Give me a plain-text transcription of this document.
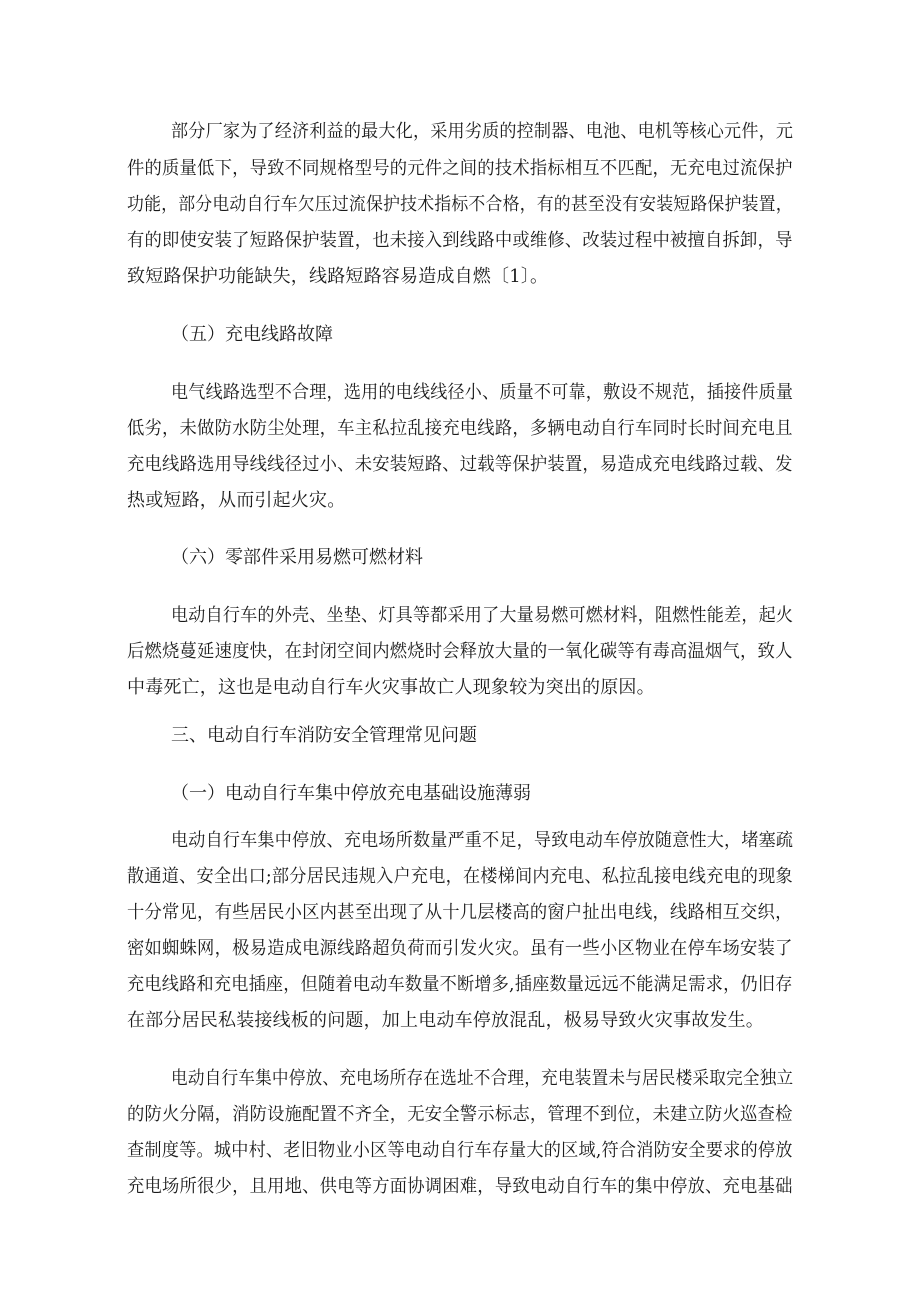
部分厂家为了经济利益的最大化，采用劣质的控制器、电池、电机等核心元件，元

件的质量低下，导致不同规格型号的元件之间的技术指标相互不匹配，无充电过流保护

功能，部分电动自行车欠压过流保护技术指标不合格，有的甚至没有安装短路保护装置，

有的即使安装了短路保护装置，也未接入到线路中或维修、改装过程中被擅自拆卸，导

致短路保护功能缺失，线路短路容易造成自燃〔1〕。

（五）充电线路故障

电气线路选型不合理，选用的电线线径小、质量不可靠，敷设不规范，插接件质量

低劣，未做防水防尘处理，车主私拉乱接充电线路，多辆电动自行车同时长时间充电且

充电线路选用导线线径过小、未安装短路、过载等保护装置，易造成充电线路过载、发

热或短路，从而引起火灾。

（六）零部件采用易燃可燃材料

电动自行车的外壳、坐垫、灯具等都采用了大量易燃可燃材料，阻燃性能差，起火

后燃烧蔓延速度快，在封闭空间内燃烧时会释放大量的一氧化碳等有毒高温烟气，致人

中毒死亡，这也是电动自行车火灾事故亡人现象较为突出的原因。

三、电动自行车消防安全管理常见问题

（一）电动自行车集中停放充电基础设施薄弱

电动自行车集中停放、充电场所数量严重不足，导致电动车停放随意性大，堵塞疏

散通道、安全出口;部分居民违规入户充电，在楼梯间内充电、私拉乱接电线充电的现象

十分常见，有些居民小区内甚至出现了从十几层楼高的窗户扯出电线，线路相互交织，

密如蜘蛛网，极易造成电源线路超负荷而引发火灾。虽有一些小区物业在停车场安装了

充电线路和充电插座，但随着电动车数量不断增多,插座数量远远不能满足需求，仍旧存

在部分居民私装接线板的问题，加上电动车停放混乱，极易导致火灾事故发生。

电动自行车集中停放、充电场所存在选址不合理，充电装置未与居民楼采取完全独立

的防火分隔，消防设施配置不齐全，无安全警示标志，管理不到位，未建立防火巡查检

查制度等。城中村、老旧物业小区等电动自行车存量大的区域,符合消防安全要求的停放

充电场所很少，且用地、供电等方面协调困难，导致电动自行车的集中停放、充电基础
